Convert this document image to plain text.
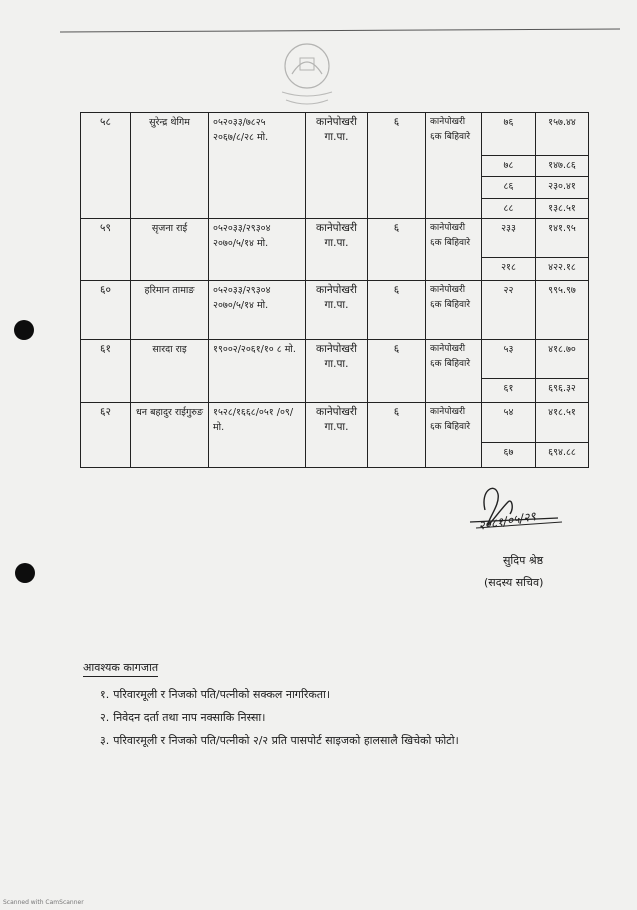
५८	सुरेन्द्र थेगिम	०५२०३३/७८२५ २०६७/८/२८ मो.	कानेपोखरी गा.पा.	६	कानेपोखरी ६क बिहिवारे	७६	१५७.४४
						७८	१४७.८६
						८६	२३०.४१
						८८	१३८.५१
५९	सृजना राई	०५२०३३/२९३०४ २०७०/५/१४ मो.	कानेपोखरी गा.पा.	६	कानेपोखरी ६क बिहिवारे	२३३	१४१.९५
						२१८	४२२.१८
६०	हरिमान तामाङ	०५२०३३/२९३०४ २०७०/५/१४ मो.	कानेपोखरी गा.पा.	६	कानेपोखरी ६क बिहिवारे	२२	९९५.९७
६१	सारदा राइ	१९००२/२०६१/१० ८ मो.	कानेपोखरी गा.पा.	६	कानेपोखरी ६क बिहिवारे	५३	४१८.७०
						६१	६९६.३२
६२	धन बहादुर राईगुरुङ	१५२८/१६६८/०५१ /०९/ मो.	कानेपोखरी गा.पा.	६	कानेपोखरी ६क बिहिवारे	५४	४१८.५१
						६७	६९४.८८
२०८१/०५/२९
सुदिप श्रेष्ठ
(सदस्य सचिव)
आवश्यक कागजात
१. परिवारमूली र निजको पति/पत्नीको सक्कल नागरिकता।
२. निवेदन दर्ता तथा नाप नक्साकि निस्सा।
३. परिवारमूली र निजको पति/पत्नीको २/२ प्रति पासपोर्ट साइजको हालसालै खिचेको फोटो।
Scanned with CamScanner
